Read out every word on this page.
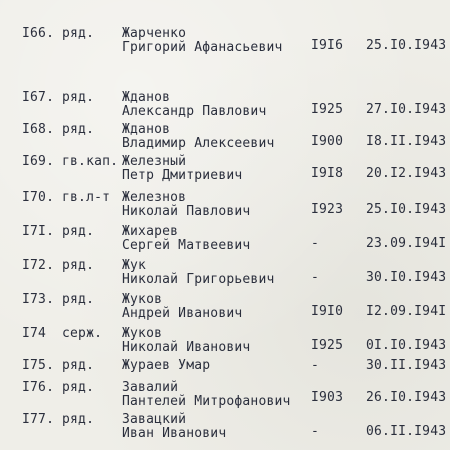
I66. ряд. Жарченко
Григорий Афанасьевич I9I6 25.I0.I943
I67. ряд. Жданов
Александр Павлович	I925 27.I0.I943
I68. ряд. Жданов
Владимир Алексеевич	I900 I8.II.I943
I69. гв.кап. Железный
Петр Дмитриевич	I9I8 20.I2.I943
I70. гв.л-т Железнов
Николай Павлович	I923 25.I0.I943
I7I. ряд. Жихарев
Сергей Матвеевич	-	23.09.I94I
I72. ряд. Жук
Николай Григорьевич	-	30.I0.I943
I73. ряд. Жуков
Андрей Иванович	I9I0 I2.09.I94I
I74 серж. Жуков
Николай Иванович	I925 0I.I0.I943
I75. ряд. Жураев Умар	-	30.II.I943
I76. ряд. Завалий
Пантелей Митрофанович I903 26.I0.I943
I77. ряд. Завацкий
Иван Иванович	-	06.II.I943
